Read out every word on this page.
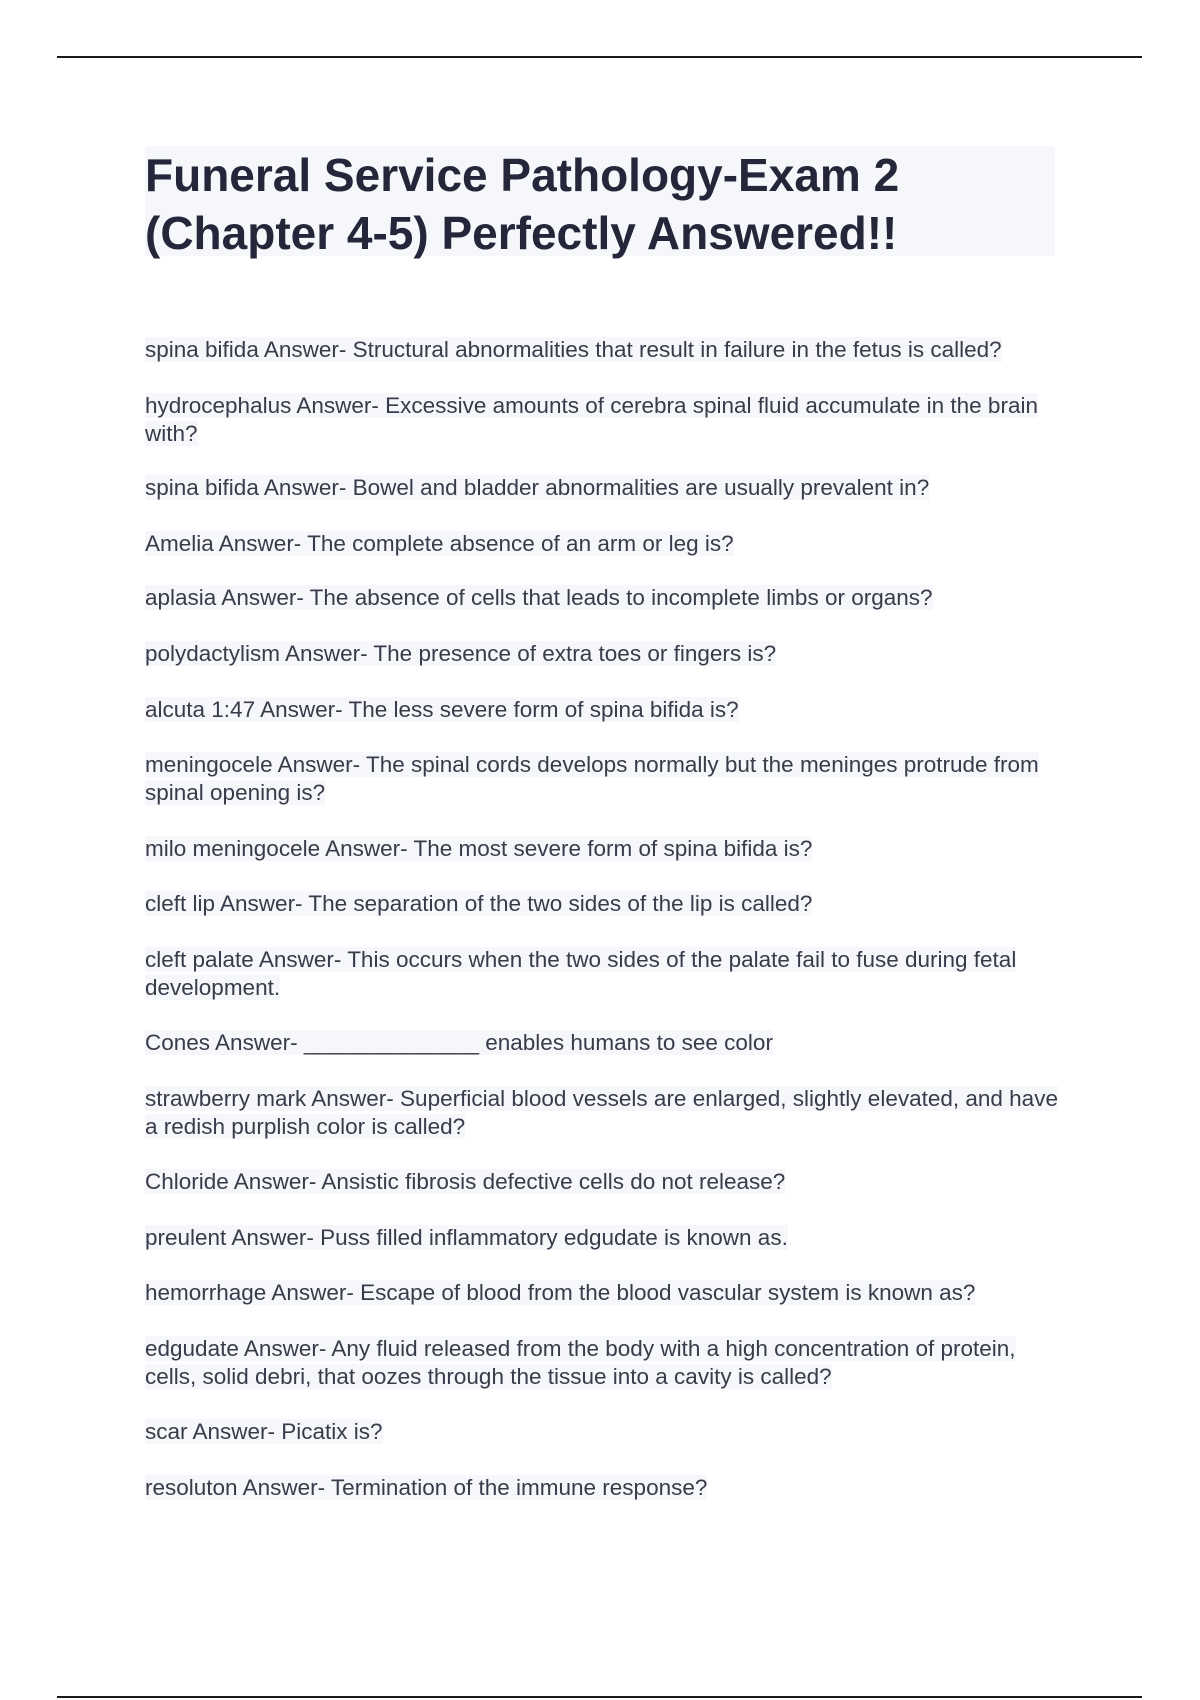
Funeral Service Pathology-Exam 2 (Chapter 4-5) Perfectly Answered!!

spina bifida Answer- Structural abnormalities that result in failure in the fetus is called?

hydrocephalus Answer- Excessive amounts of cerebra spinal fluid accumulate in the brain with?

spina bifida Answer- Bowel and bladder abnormalities are usually prevalent in?

Amelia Answer- The complete absence of an arm or leg is?

aplasia Answer- The absence of cells that leads to incomplete limbs or organs?

polydactylism Answer- The presence of extra toes or fingers is?

alcuta 1:47 Answer- The less severe form of spina bifida is?

meningocele Answer- The spinal cords develops normally but the meninges protrude from spinal opening is?

milo meningocele Answer- The most severe form of spina bifida is?

cleft lip Answer- The separation of the two sides of the lip is called?

cleft palate Answer- This occurs when the two sides of the palate fail to fuse during fetal development.

Cones Answer- ______________ enables humans to see color

strawberry mark Answer- Superficial blood vessels are enlarged, slightly elevated, and have a redish purplish color is called?

Chloride Answer- Ansistic fibrosis defective cells do not release?

preulent Answer- Puss filled inflammatory edgudate is known as.

hemorrhage Answer- Escape of blood from the blood vascular system is known as?

edgudate Answer- Any fluid released from the body with a high concentration of protein, cells, solid debri, that oozes through the tissue into a cavity is called?

scar Answer- Picatix is?

resoluton Answer- Termination of the immune response?
